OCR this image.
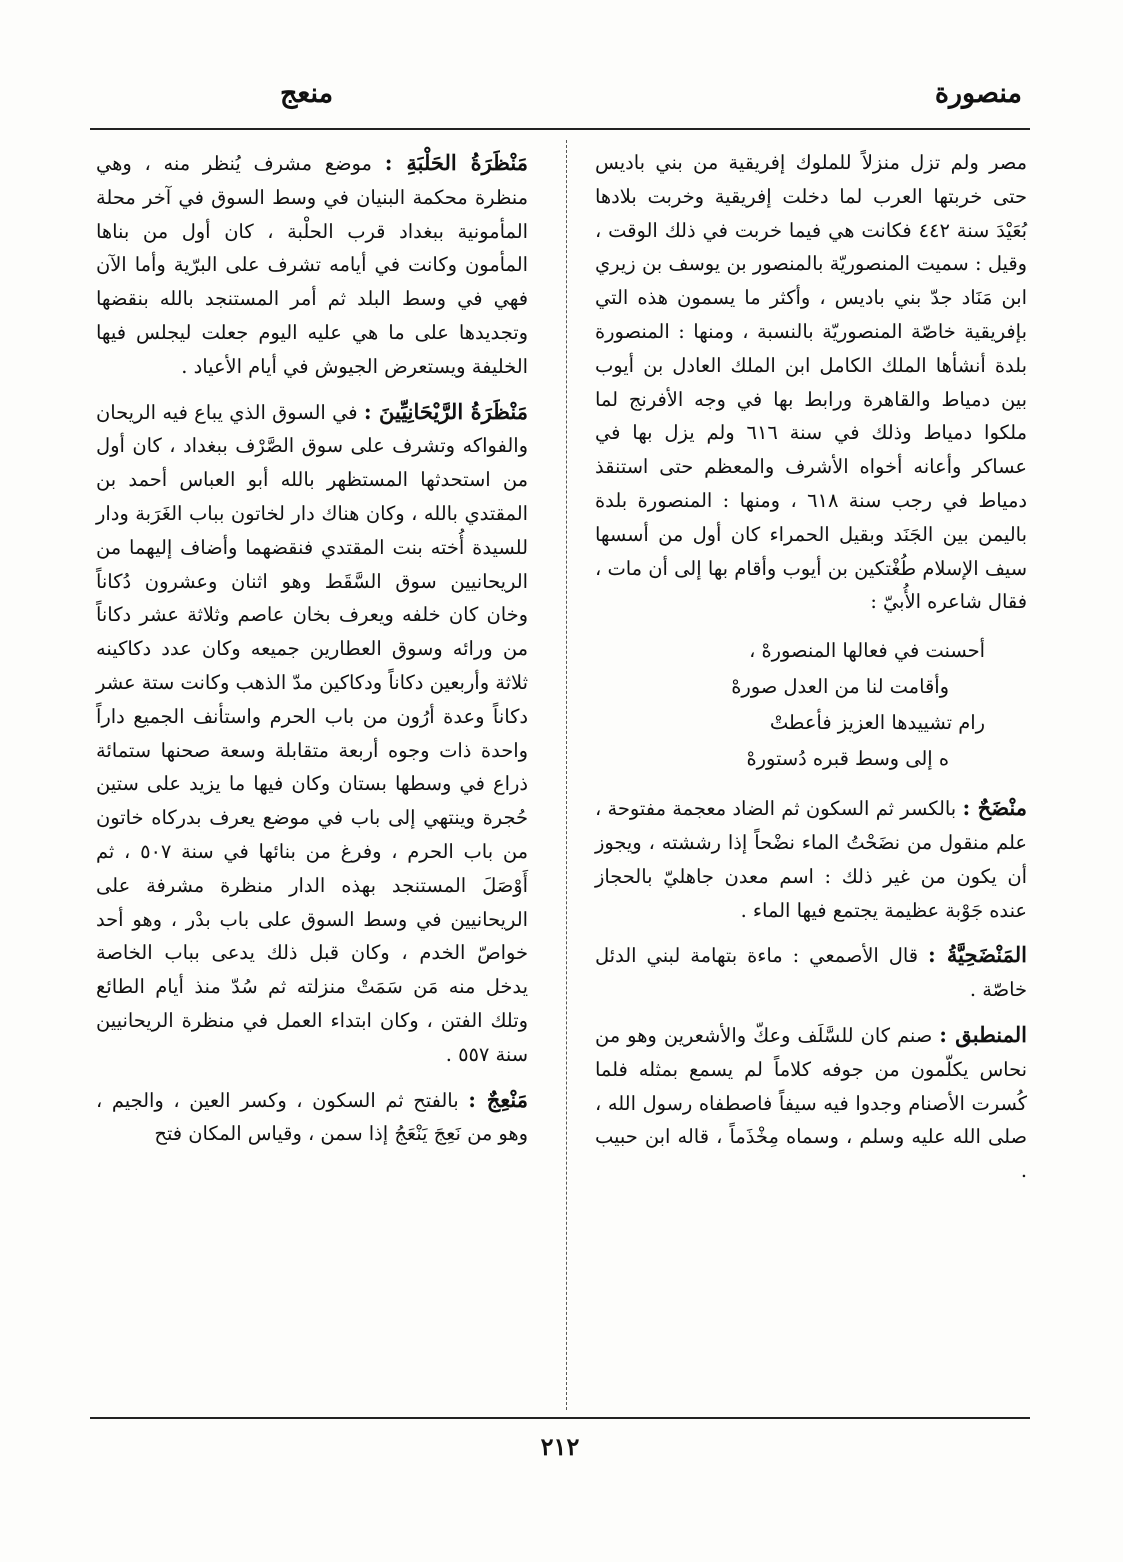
منصورة
منعج

مصر ولم تزل منزلاً للملوك إفريقية من بني باديس حتى خربتها العرب لما دخلت إفريقية وخربت بلادها بُعَيْدَ سنة ٤٤٢ فكانت هي فيما خربت في ذلك الوقت ، وقيل : سميت المنصوريّة بالمنصور بن يوسف بن زيري ابن مَنَاد جدّ بني باديس ، وأكثر ما يسمون هذه التي بإفريقية خاصّة المنصوريّة بالنسبة ، ومنها : المنصورة بلدة أنشأها الملك الكامل ابن الملك العادل بن أيوب بين دمياط والقاهرة ورابط بها في وجه الأفرنج لما ملكوا دمياط وذلك في سنة ٦١٦ ولم يزل بها في عساكر وأعانه أخواه الأشرف والمعظم حتى استنقذ دمياط في رجب سنة ٦١٨ ، ومنها : المنصورة بلدة باليمن بين الجَنَد وبقيل الحمراء كان أول من أسسها سيف الإسلام طُغْتكين بن أيوب وأقام بها إلى أن مات ، فقال شاعره الأُبيّ :

أحسنت في فعالها المنصورهْ ،
وأقامت لنا من العدل صورهْ
رام تشييدها العزيز فأعطتْ
ه إلى وسط قبره دُستورهْ

منْضَحٌ : بالكسر ثم السكون ثم الضاد معجمة مفتوحة ، علم منقول من نضَحْتُ الماء نضْحاً إذا رششته ، ويجوز أن يكون من غير ذلك : اسم معدن جاهليّ بالحجاز عنده جَوْبة عظيمة يجتمع فيها الماء .

المَنْضَحِيَّةُ : قال الأصمعي : ماءة بتهامة لبني الدئل خاصّة .

المنطبق : صنم كان للسَّلَف وعكّ والأشعرين وهو من نحاس يكلّمون من جوفه كلاماً لم يسمع بمثله فلما كُسرت الأصنام وجدوا فيه سيفاً فاصطفاه رسول الله ، صلى الله عليه وسلم ، وسماه مِخْذَماً ، قاله ابن حبيب .

مَنْظَرَةُ الحَلْبَةِ : موضع مشرف يُنظر منه ، وهي منظرة محكمة البنيان في وسط السوق في آخر محلة المأمونية ببغداد قرب الحلْبة ، كان أول من بناها المأمون وكانت في أيامه تشرف على البرّية وأما الآن فهي في وسط البلد ثم أمر المستنجد بالله بنقضها وتجديدها على ما هي عليه اليوم جعلت ليجلس فيها الخليفة ويستعرض الجيوش في أيام الأعياد .

مَنْظَرَةُ الرَّيْحَانِيِّينَ : في السوق الذي يباع فيه الريحان والفواكه وتشرف على سوق الصَّرْف ببغداد ، كان أول من استحدثها المستظهر بالله أبو العباس أحمد بن المقتدي بالله ، وكان هناك دار لخاتون بباب الغَرَبة ودار للسيدة أُخته بنت المقتدي فنقضهما وأضاف إليهما من الريحانيين سوق السَّقَط وهو اثنان وعشرون دُكاناً وخان كان خلفه ويعرف بخان عاصم وثلاثة عشر دكاناً من ورائه وسوق العطارين جميعه وكان عدد دكاكينه ثلاثة وأربعين دكاناً ودكاكين مدّ الذهب وكانت ستة عشر دكاناً وعدة أرُون من باب الحرم واستأنف الجميع داراً واحدة ذات وجوه أربعة متقابلة وسعة صحنها ستمائة ذراع في وسطها بستان وكان فيها ما يزيد على ستين حُجرة وينتهي إلى باب في موضع يعرف بدركاه خاتون من باب الحرم ، وفرغ من بنائها في سنة ٥٠٧ ، ثم أَوْصَلَ المستنجد بهذه الدار منظرة مشرفة على الريحانيين في وسط السوق على باب بدْر ، وهو أحد خواصّ الخدم ، وكان قبل ذلك يدعى بباب الخاصة يدخل منه مَن سَمَتْ منزلته ثم سُدّ منذ أيام الطائع وتلك الفتن ، وكان ابتداء العمل في منظرة الريحانيين سنة ٥٥٧ .

مَنْعِجٌ : بالفتح ثم السكون ، وكسر العين ، والجيم ، وهو من نَعِجَ يَنْعَجُ إذا سمن ، وقياس المكان فتح

٢١٢
